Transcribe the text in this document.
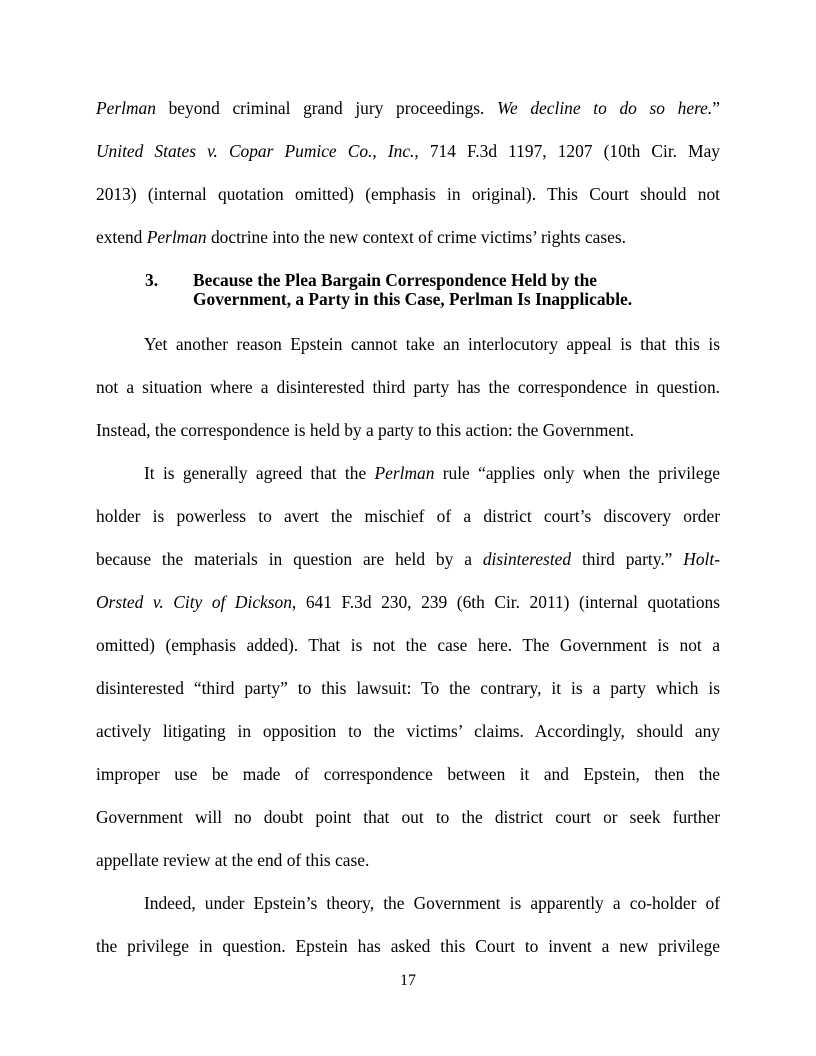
Perlman beyond criminal grand jury proceedings. We decline to do so here.”
United States v. Copar Pumice Co., Inc., 714 F.3d 1197, 1207 (10th Cir. May
2013) (internal quotation omitted) (emphasis in original). This Court should not
extend Perlman doctrine into the new context of crime victims’ rights cases.
3. Because the Plea Bargain Correspondence Held by the
Government, a Party in this Case, Perlman Is Inapplicable.
Yet another reason Epstein cannot take an interlocutory appeal is that this is
not a situation where a disinterested third party has the correspondence in question.
Instead, the correspondence is held by a party to this action: the Government.
It is generally agreed that the Perlman rule “applies only when the privilege
holder is powerless to avert the mischief of a district court’s discovery order
because the materials in question are held by a disinterested third party.” Holt-
Orsted v. City of Dickson, 641 F.3d 230, 239 (6th Cir. 2011) (internal quotations
omitted) (emphasis added). That is not the case here. The Government is not a
disinterested “third party” to this lawsuit: To the contrary, it is a party which is
actively litigating in opposition to the victims’ claims. Accordingly, should any
improper use be made of correspondence between it and Epstein, then the
Government will no doubt point that out to the district court or seek further
appellate review at the end of this case.
Indeed, under Epstein’s theory, the Government is apparently a co-holder of
the privilege in question. Epstein has asked this Court to invent a new privilege
17
